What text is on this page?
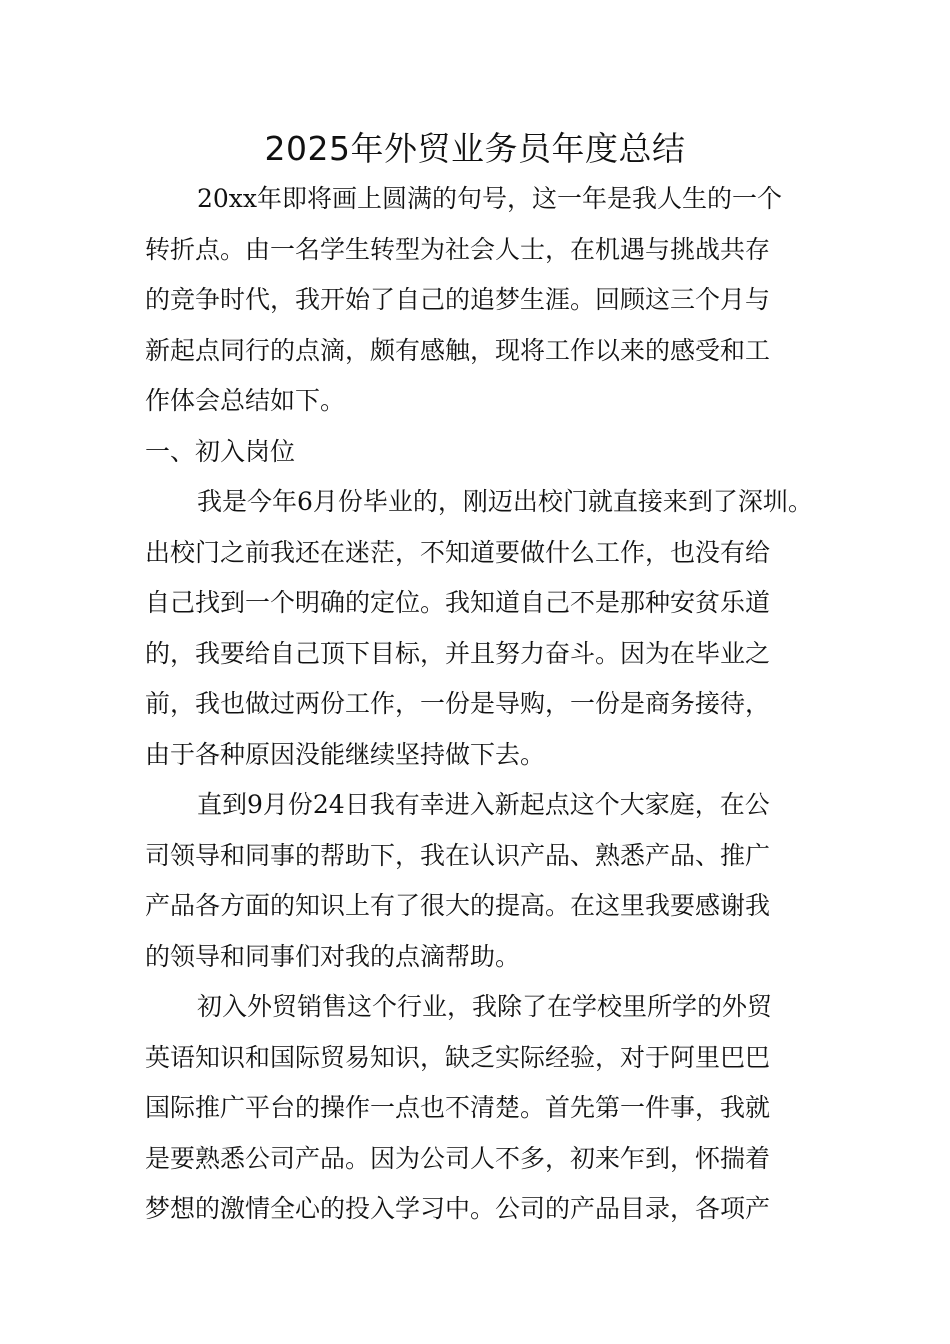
2025年外贸业务员年度总结

20xx年即将画上圆满的句号，这一年是我人生的一个
转折点。由一名学生转型为社会人士，在机遇与挑战共存
的竞争时代，我开始了自己的追梦生涯。回顾这三个月与
新起点同行的点滴，颇有感触，现将工作以来的感受和工
作体会总结如下。

一、初入岗位

我是今年6月份毕业的，刚迈出校门就直接来到了深圳。
出校门之前我还在迷茫，不知道要做什么工作，也没有给
自己找到一个明确的定位。我知道自己不是那种安贫乐道
的，我要给自己顶下目标，并且努力奋斗。因为在毕业之
前，我也做过两份工作，一份是导购，一份是商务接待，
由于各种原因没能继续坚持做下去。

直到9月份24日我有幸进入新起点这个大家庭，在公
司领导和同事的帮助下，我在认识产品、熟悉产品、推广
产品各方面的知识上有了很大的提高。在这里我要感谢我
的领导和同事们对我的点滴帮助。

初入外贸销售这个行业，我除了在学校里所学的外贸
英语知识和国际贸易知识，缺乏实际经验，对于阿里巴巴
国际推广平台的操作一点也不清楚。首先第一件事，我就
是要熟悉公司产品。因为公司人不多，初来乍到，怀揣着
梦想的激情全心的投入学习中。公司的产品目录，各项产
